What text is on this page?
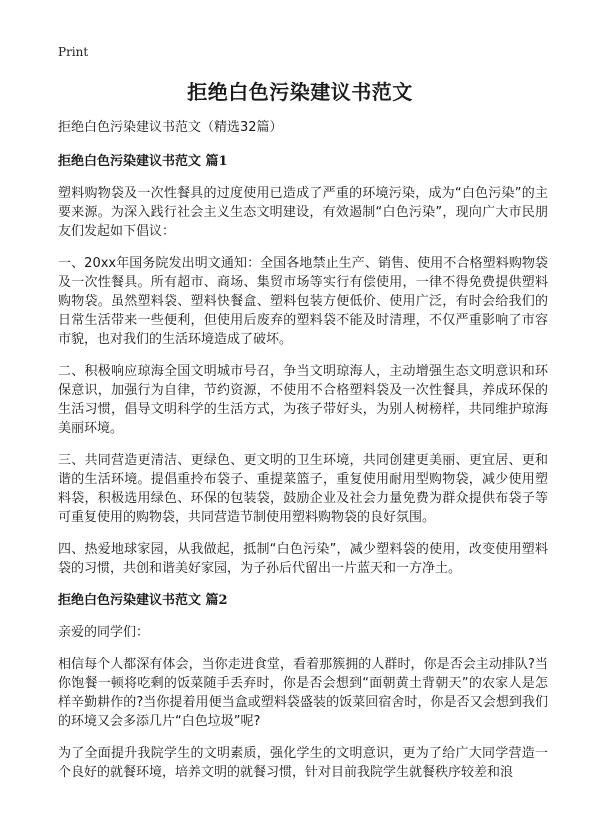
Print
拒绝白色污染建议书范文

拒绝白色污染建议书范文（精选32篇）

拒绝白色污染建议书范文 篇1

塑料购物袋及一次性餐具的过度使用已造成了严重的环境污染，成为“白色污染”的主要来源。为深入践行社会主义生态文明建设，有效遏制“白色污染”，现向广大市民朋友们发起如下倡议：

一、20xx年国务院发出明文通知：全国各地禁止生产、销售、使用不合格塑料购物袋及一次性餐具。所有超市、商场、集贸市场等实行有偿使用，一律不得免费提供塑料购物袋。虽然塑料袋、塑料快餐盒、塑料包装方便低价、使用广泛，有时会给我们的日常生活带来一些便利，但使用后废弃的塑料袋不能及时清理，不仅严重影响了市容市貌，也对我们的生活环境造成了破坏。

二、积极响应琼海全国文明城市号召，争当文明琼海人，主动增强生态文明意识和环保意识，加强行为自律，节约资源，不使用不合格塑料袋及一次性餐具，养成环保的生活习惯，倡导文明科学的生活方式，为孩子带好头，为别人树榜样，共同维护琼海美丽环境。

三、共同营造更清洁、更绿色、更文明的卫生环境，共同创建更美丽、更宜居、更和谐的生活环境。提倡重拎布袋子、重提菜篮子，重复使用耐用型购物袋，减少使用塑料袋，积极选用绿色、环保的包装袋，鼓励企业及社会力量免费为群众提供布袋子等可重复使用的购物袋，共同营造节制使用塑料购物袋的良好氛围。

四、热爱地球家园，从我做起，抵制“白色污染”，减少塑料袋的使用，改变使用塑料袋的习惯，共创和谐美好家园，为子孙后代留出一片蓝天和一方净土。

拒绝白色污染建议书范文 篇2

亲爱的同学们：

相信每个人都深有体会，当你走进食堂，看着那簇拥的人群时，你是否会主动排队?当你饱餐一顿将吃剩的饭菜随手丢弃时，你是否会想到“面朝黄土背朝天”的农家人是怎样辛勤耕作的?当你提着用便当盒或塑料袋盛装的饭菜回宿舍时，你是否又会想到我们的环境又会多添几片“白色垃圾”呢?

为了全面提升我院学生的文明素质，强化学生的文明意识，更为了给广大同学营造一个良好的就餐环境，培养文明的就餐习惯，针对目前我院学生就餐秩序较差和浪
